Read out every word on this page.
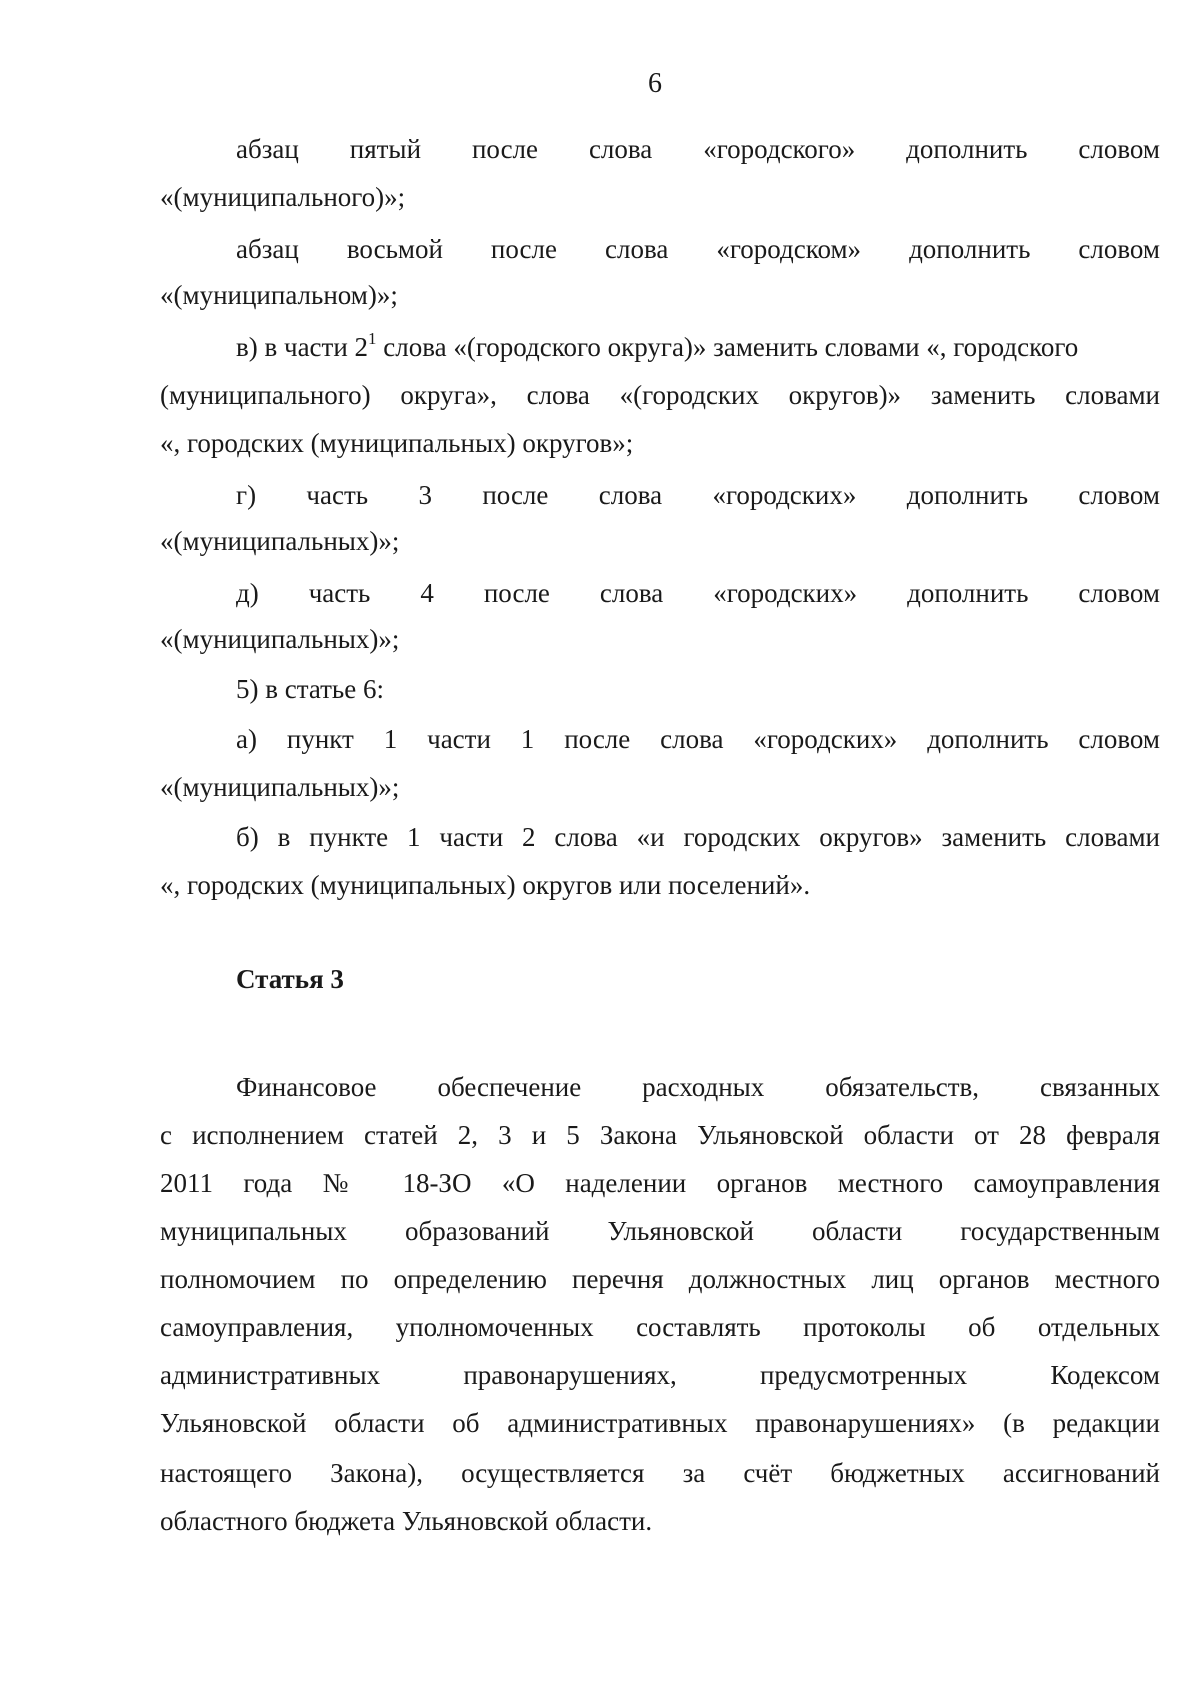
6
абзац пятый после слова «городского» дополнить словом
«(муниципального)»;
абзац восьмой после слова «городском» дополнить словом
«(муниципальном)»;
в) в части $2^1$ слова «(городского округа)» заменить словами «, городского
(муниципального) округа», слова «(городских округов)» заменить словами
«, городских (муниципальных) округов»;
г) часть 3 после слова «городских» дополнить словом
«(муниципальных)»;
д) часть 4 после слова «городских» дополнить словом
«(муниципальных)»;
5) в статье 6:
а) пункт 1 части 1 после слова «городских» дополнить словом
«(муниципальных)»;
б) в пункте 1 части 2 слова «и городских округов» заменить словами
«, городских (муниципальных) округов или поселений».
Статья 3
Финансовое обеспечение расходных обязательств, связанных
с исполнением статей 2, 3 и 5 Закона Ульяновской области от 28 февраля
2011 года № 18-ЗО «О наделении органов местного самоуправления
муниципальных образований Ульяновской области государственным
полномочием по определению перечня должностных лиц органов местного
самоуправления, уполномоченных составлять протоколы об отдельных
административных правонарушениях, предусмотренных Кодексом
Ульяновской области об административных правонарушениях» (в редакции
настоящего Закона), осуществляется за счёт бюджетных ассигнований
областного бюджета Ульяновской области.
